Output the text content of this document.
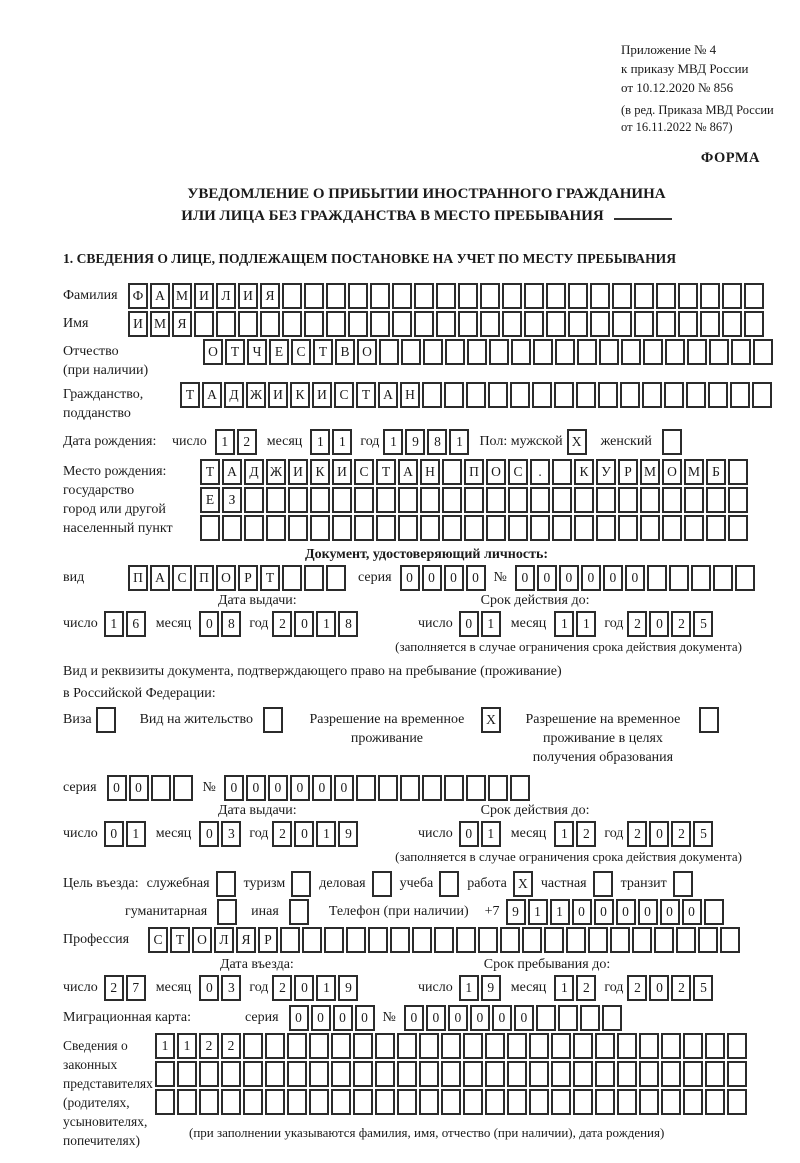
Приложение № 4
к приказу МВД России
от 10.12.2020 № 856
(в ред. Приказа МВД России
от 16.11.2022 № 867)
ФОРМА
УВЕДОМЛЕНИЕ О ПРИБЫТИИ ИНОСТРАННОГО ГРАЖДАНИНА
ИЛИ ЛИЦА БЕЗ ГРАЖДАНСТВА В МЕСТО ПРЕБЫВАНИЯ
1. СВЕДЕНИЯ О ЛИЦЕ, ПОДЛЕЖАЩЕМ ПОСТАНОВКЕ НА УЧЕТ ПО МЕСТУ ПРЕБЫВАНИЯ
Фамилия	Ф А М И Л И Я
Имя	И М Я
Отчество
(при наличии)
О Т Ч Е С Т В О
Гражданство,
подданство
Т А Д Ж И К И С Т А Н
Дата рождения:	число	1	2	месяц	1	1	год 1	9	8	1	Пол: мужской X	женский
Место рождения:
государство
город или другой
населенный пункт
Т А Д Ж И К И С Т А Н	П О С	.	К У Р М О М Б
Е	З
Документ, удостоверяющий личность:
вид	П А С П О Р	Т	серия	0	0	0	0	№	0	0	0	0	0	0
Дата выдачи:	Срок действия до:
число 1	6	месяц	0	8	год 2	0	1	8	число 0	1	месяц	1	1	год 2	0	2	5
(заполняется в случае ограничения срока действия документа)
Вид и реквизиты документа, подтверждающего право на пребывание (проживание)
в Российской Федерации:
Виза	Вид на жительство	Разрешение на временное
проживание
X	Разрешение на временное
проживание в целях
получения образования
серия	0	0	№	0	0	0	0	0	0
Дата выдачи:	Срок действия до:
число 0	1	месяц	0	3	год 2	0	1	9	число 0	1	месяц	1	2	год 2	0	2	5
(заполняется в случае ограничения срока действия документа)
Цель въезда: служебная туризм деловая учеба работа X частная транзит
гуманитарная	иная	Телефон (при наличии) +7 9	1	1	0	0	0	0	0	0
Профессия	С Т О Л Я	Р
Дата въезда:	Срок пребывания до:
число 2	7	месяц	0	3	год 2	0	1	9	число 1	9	месяц	1	2	год 2	0	2	5
Миграционная карта:	серия	0	0	0	0	№	0	0	0	0	0	0
Сведения о
законных
представителях
(родителях,
усыновителях,
попечителях)
1	1	2	2
(при заполнении указываются фамилия, имя, отчество (при наличии), дата рождения)
